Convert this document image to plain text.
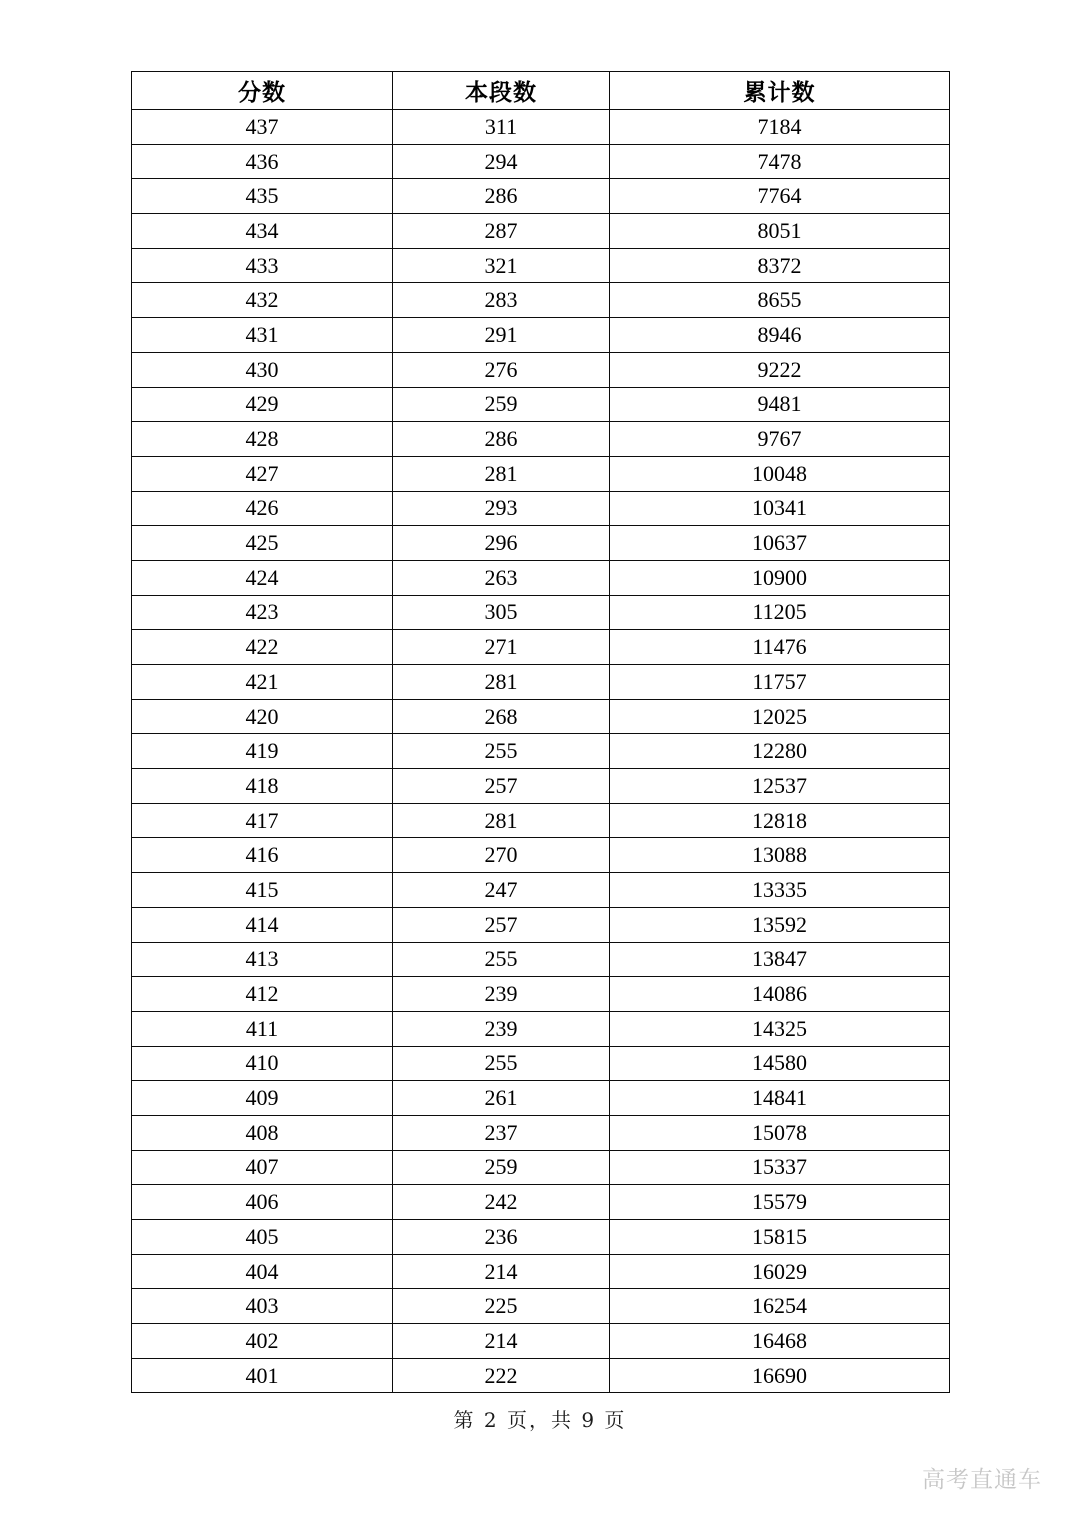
分数	本段数	累计数
437	311	7184
436	294	7478
435	286	7764
434	287	8051
433	321	8372
432	283	8655
431	291	8946
430	276	9222
429	259	9481
428	286	9767
427	281	10048
426	293	10341
425	296	10637
424	263	10900
423	305	11205
422	271	11476
421	281	11757
420	268	12025
419	255	12280
418	257	12537
417	281	12818
416	270	13088
415	247	13335
414	257	13592
413	255	13847
412	239	14086
411	239	14325
410	255	14580
409	261	14841
408	237	15078
407	259	15337
406	242	15579
405	236	15815
404	214	16029
403	225	16254
402	214	16468
401	222	16690
第 2 页，共 9 页
高考直通车
